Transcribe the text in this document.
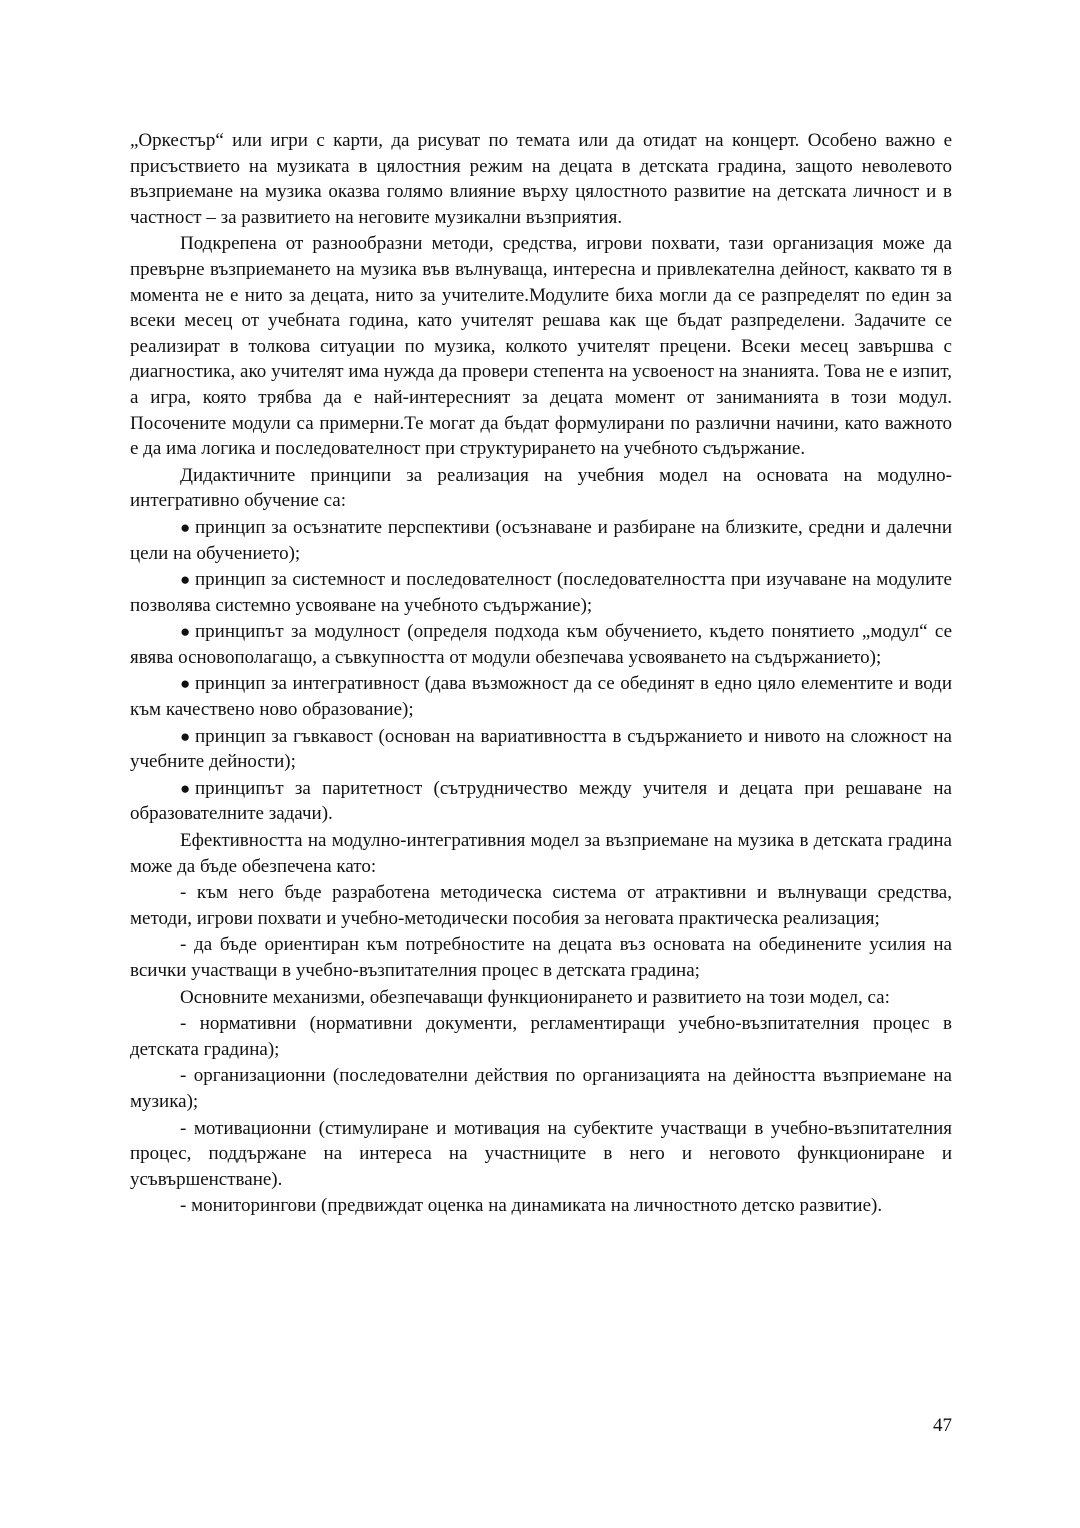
„Оркестър“ или игри с карти, да рисуват по темата или да отидат на концерт. Особено важно е присъствието на музиката в цялостния режим на децата в детската градина, защото неволевото възприемане на музика оказва голямо влияние върху цялостното развитие на детската личност и в частност – за развитието на неговите музикални възприятия.

Подкрепена от разнообразни методи, средства, игрови похвати, тази организация може да превърне възприемането на музика във вълнуваща, интересна и привлекателна дейност, каквато тя в момента не е нито за децата, нито за учителите.Модулите биха могли да се разпределят по един за всеки месец от учебната година, като учителят решава как ще бъдат разпределени. Задачите се реализират в толкова ситуации по музика, колкото учителят прецени. Всеки месец завършва с диагностика, ако учителят има нужда да провери степента на усвоеност на знанията. Това не е изпит, а игра, която трябва да е най-интересният за децата момент от заниманията в този модул. Посочените модули са примерни.Те могат да бъдат формулирани по различни начини, като важното е да има логика и последователност при структурирането на учебното съдържание.

Дидактичните принципи за реализация на учебния модел на основата на модулно-интегративно обучение са:

● принцип за осъзнатите перспективи (осъзнаване и разбиране на близките, средни и далечни цели на обучението);

● принцип за системност и последователност (последователността при изучаване на модулите позволява системно усвояване на учебното съдържание);

● принципът за модулност (определя подхода към обучението, където понятието „модул“ се явява основополагащо, а съвкупността от модули обезпечава усвояването на съдържанието);

● принцип за интегративност (дава възможност да се обединят в едно цяло елементите и води към качествено ново образование);

● принцип за гъвкавост (основан на вариативността в съдържанието и нивото на сложност на учебните дейности);

● принципът за паритетност (сътрудничество между учителя и децата при решаване на образователните задачи).

Ефективността на модулно-интегративния модел за възприемане на музика в детската градина може да бъде обезпечена като:

- към него бъде разработена методическа система от атрактивни и вълнуващи средства, методи, игрови похвати и учебно-методически пособия за неговата практическа реализация;

- да бъде ориентиран към потребностите на децата въз основата на обединените усилия на всички участващи в учебно-възпитателния процес в детската градина;

Основните механизми, обезпечаващи функционирането и развитието на този модел, са:

- нормативни (нормативни документи, регламентиращи учебно-възпитателния процес в детската градина);

- организационни (последователни действия по организацията на дейността възприемане на музика);

- мотивационни (стимулиране и мотивация на субектите участващи в учебно-възпитателния процес, поддържане на интереса на участниците в него и неговото функциониране и усъвършенстване).

- мониторингови (предвиждат оценка на динамиката на личностното детско развитие).

47
